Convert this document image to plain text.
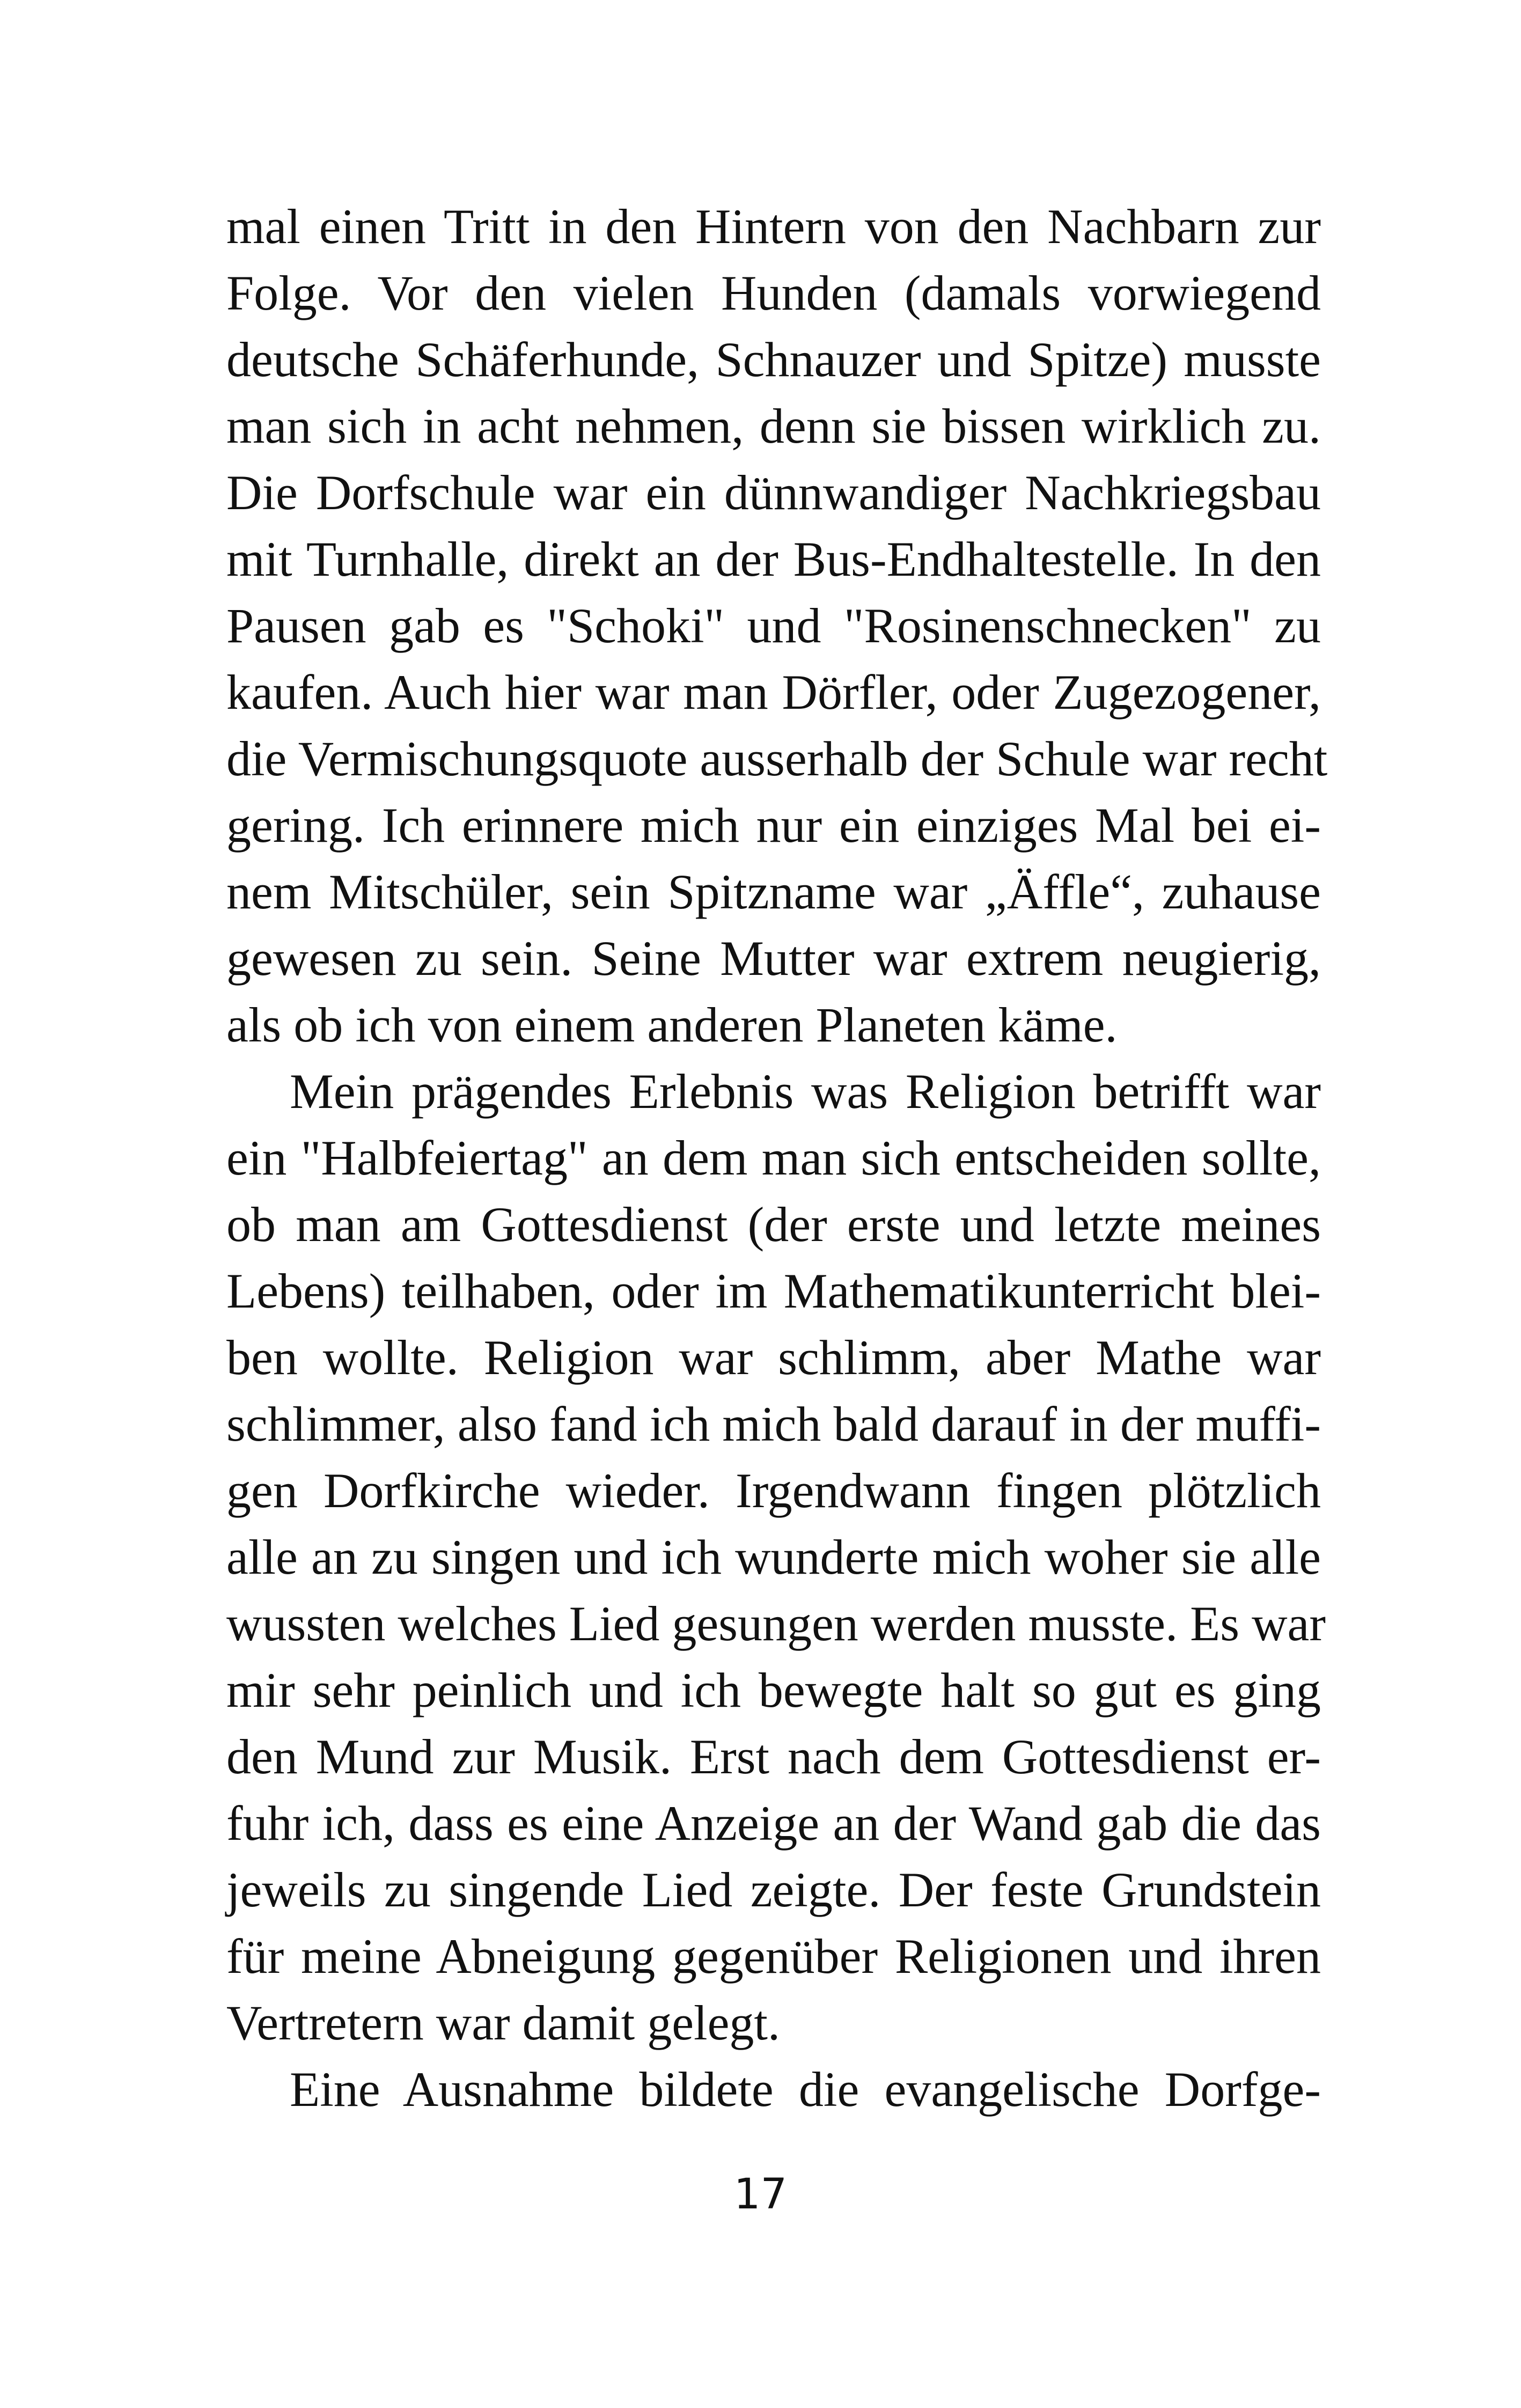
mal einen Tritt in den Hintern von den Nachbarn zur
Folge. Vor den vielen Hunden (damals vorwiegend
deutsche Schäferhunde, Schnauzer und Spitze) musste
man sich in acht nehmen, denn sie bissen wirklich zu.
Die Dorfschule war ein dünnwandiger Nachkriegsbau
mit Turnhalle, direkt an der Bus-Endhaltestelle. In den
Pausen gab es "Schoki" und "Rosinenschnecken" zu
kaufen. Auch hier war man Dörfler, oder Zugezogener,
die Vermischungsquote ausserhalb der Schule war recht
gering. Ich erinnere mich nur ein einziges Mal bei ei-
nem Mitschüler, sein Spitzname war „Äffle“, zuhause
gewesen zu sein. Seine Mutter war extrem neugierig,
als ob ich von einem anderen Planeten käme.
Mein prägendes Erlebnis was Religion betrifft war
ein "Halbfeiertag" an dem man sich entscheiden sollte,
ob man am Gottesdienst (der erste und letzte meines
Lebens) teilhaben, oder im Mathematikunterricht blei-
ben wollte. Religion war schlimm, aber Mathe war
schlimmer, also fand ich mich bald darauf in der muffi-
gen Dorfkirche wieder. Irgendwann fingen plötzlich
alle an zu singen und ich wunderte mich woher sie alle
wussten welches Lied gesungen werden musste. Es war
mir sehr peinlich und ich bewegte halt so gut es ging
den Mund zur Musik. Erst nach dem Gottesdienst er-
fuhr ich, dass es eine Anzeige an der Wand gab die das
jeweils zu singende Lied zeigte. Der feste Grundstein
für meine Abneigung gegenüber Religionen und ihren
Vertretern war damit gelegt.
Eine Ausnahme bildete die evangelische Dorfge-
17
